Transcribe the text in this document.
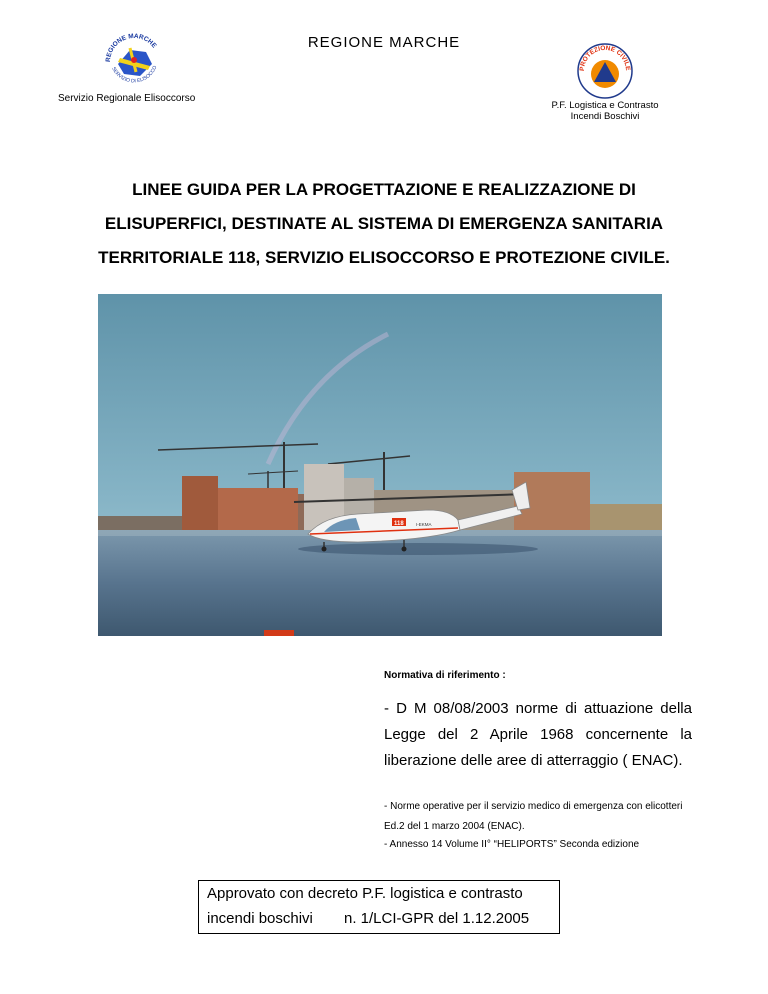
REGIONE MARCHE
REGIONE MARCHE
SERVIZIO DI ELISOCCO
Servizio Regionale Elisoccorso
PROTEZIONE CIVILE
P.F. Logistica e Contrasto
Incendi Boschivi
LINEE GUIDA PER LA PROGETTAZIONE E REALIZZAZIONE DI
ELISUPERFICI, DESTINATE AL SISTEMA DI EMERGENZA SANITARIA
TERRITORIALE 118, SERVIZIO ELISOCCORSO E PROTEZIONE CIVILE.
118	I-EKMA
Normativa di riferimento :
- D M 08/08/2003 norme di attuazione della Legge del 2 Aprile 1968 concernente la liberazione delle aree di atterraggio ( ENAC).
- Norme operative per il servizio medico di emergenza con elicotteri Ed.2 del 1 marzo 2004 (ENAC).
- Annesso 14 Volume II° “HELIPORTS” Seconda edizione
Approvato con decreto P.F. logistica e contrasto
incendi boschivi n. 1/LCI-GPR del 1.12.2005
